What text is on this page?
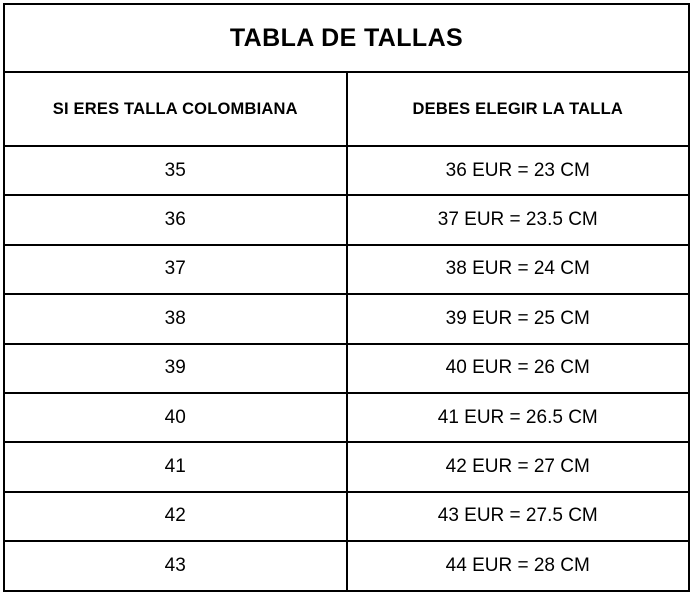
TABLA DE TALLAS	
SI ERES TALLA COLOMBIANA	DEBES ELEGIR LA TALLA
35	36 EUR = 23 CM
36	37 EUR = 23.5 CM
37	38 EUR = 24 CM
38	39 EUR = 25 CM
39	40 EUR = 26 CM
40	41 EUR = 26.5 CM
41	42 EUR = 27 CM
42	43 EUR = 27.5 CM
43	44 EUR = 28 CM
